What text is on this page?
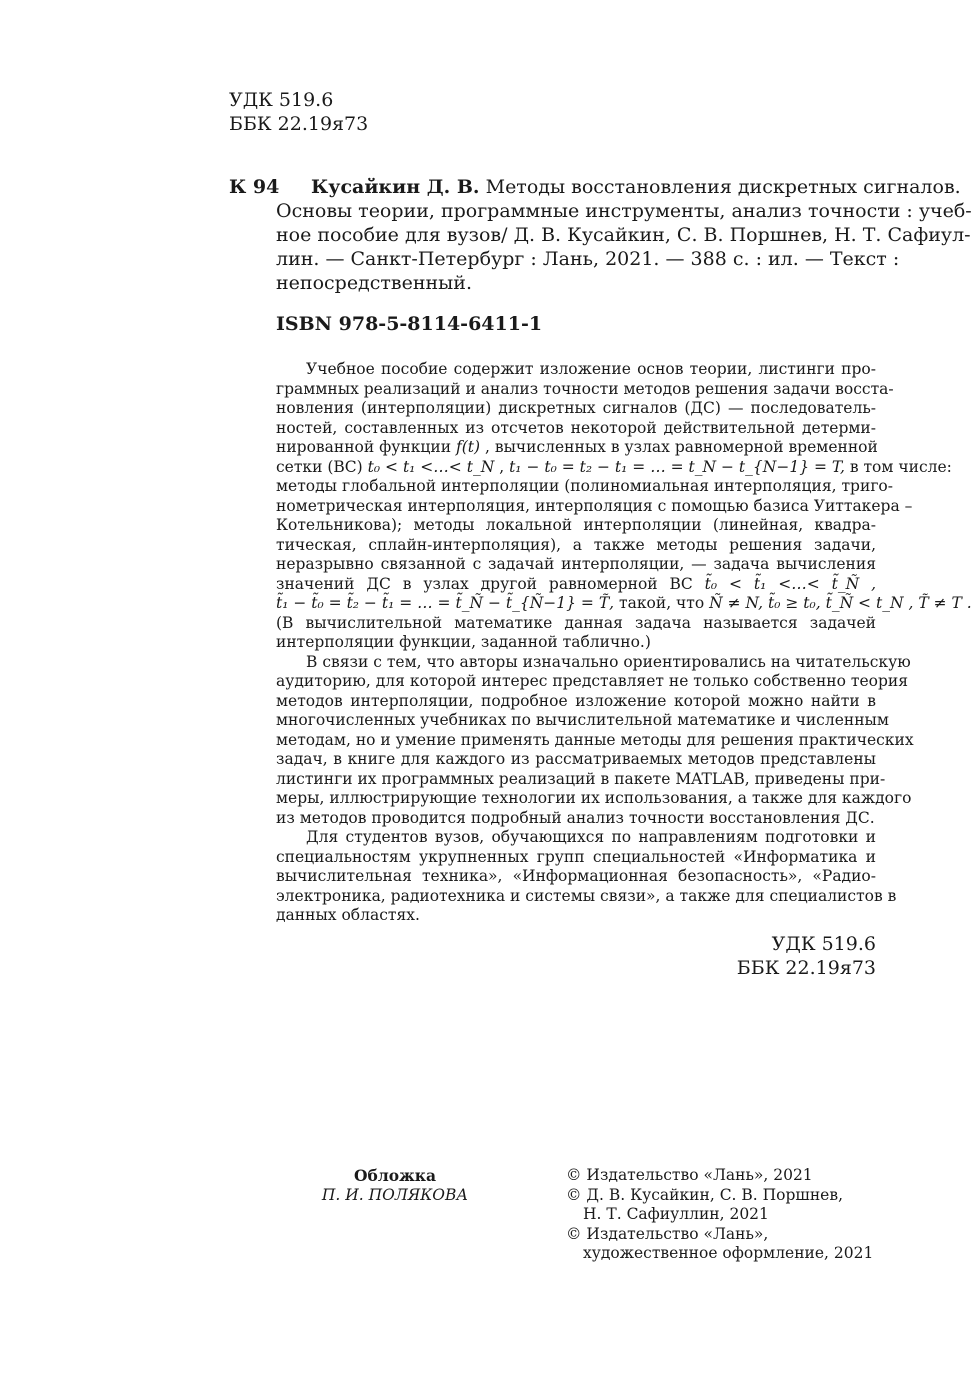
УДК 519.6
ББК 22.19я73
К 94	Кусайкин Д. В. Методы восстановления дискретных сигналов.
Основы теории, программные инструменты, анализ точности : учеб-
ное пособие для вузов/ Д. В. Кусайкин, С. В. Поршнев, Н. Т. Сафиул-
лин. — Санкт-Петербург : Лань, 2021. — 388 с. : ил. — Текст :
непосредственный.
ISBN 978-5-8114-6411-1
Учебное пособие содержит изложение основ теории, листинги про-
граммных реализаций и анализ точности методов решения задачи восста-
новления (интерполяции) дискретных сигналов (ДС) — последователь-
ностей, составленных из отсчетов некоторой действительной детерми-
нированной функции f(t) , вычисленных в узлах равномерной временной
сетки (ВС) t₀ < t₁ <…< t_N , t₁ − t₀ = t₂ − t₁ = … = t_N − t_{N−1} = T, в том числе:
методы глобальной интерполяции (полиномиальная интерполяция, триго-
нометрическая интерполяция, интерполяция с помощью базиса Уиттакера –
Котельникова); методы локальной интерполяции (линейная, квадра-
тическая, сплайн-интерполяция), а также методы решения задачи,
неразрывно связанной с задачай интерполяции, — задача вычисления
значений ДС в узлах другой равномерной ВС t̃₀ < t̃₁ <…< t̃_Ñ ,
t̃₁ − t̃₀ = t̃₂ − t̃₁ = … = t̃_Ñ − t̃_{Ñ−1} = T̃, такой, что Ñ ≠ N, t̃₀ ≥ t₀, t̃_Ñ < t_N , T̃ ≠ T .
(В вычислительной математике данная задача называется задачей
интерполяции функции, заданной таблично.)
В связи с тем, что авторы изначально ориентировались на читательскую
аудиторию, для которой интерес представляет не только собственно теория
методов интерполяции, подробное изложение которой можно найти в
многочисленных учебниках по вычислительной математике и численным
методам, но и умение применять данные методы для решения практических
задач, в книге для каждого из рассматриваемых методов представлены
листинги их программных реализаций в пакете MATLAB, приведены при-
меры, иллюстрирующие технологии их использования, а также для каждого
из методов проводится подробный анализ точности восстановления ДС.
Для студентов вузов, обучающихся по направлениям подготовки и
специальностям укрупненных групп специальностей «Информатика и
вычислительная техника», «Информационная безопасность», «Радио-
электроника, радиотехника и системы связи», а также для специалистов в
данных областях.
УДК 519.6
ББК 22.19я73
Обложка
П. И. ПОЛЯКОВА
© Издательство «Лань», 2021
© Д. В. Кусайкин, С. В. Поршнев,
Н. Т. Сафиуллин, 2021
© Издательство «Лань»,
художественное оформление, 2021
